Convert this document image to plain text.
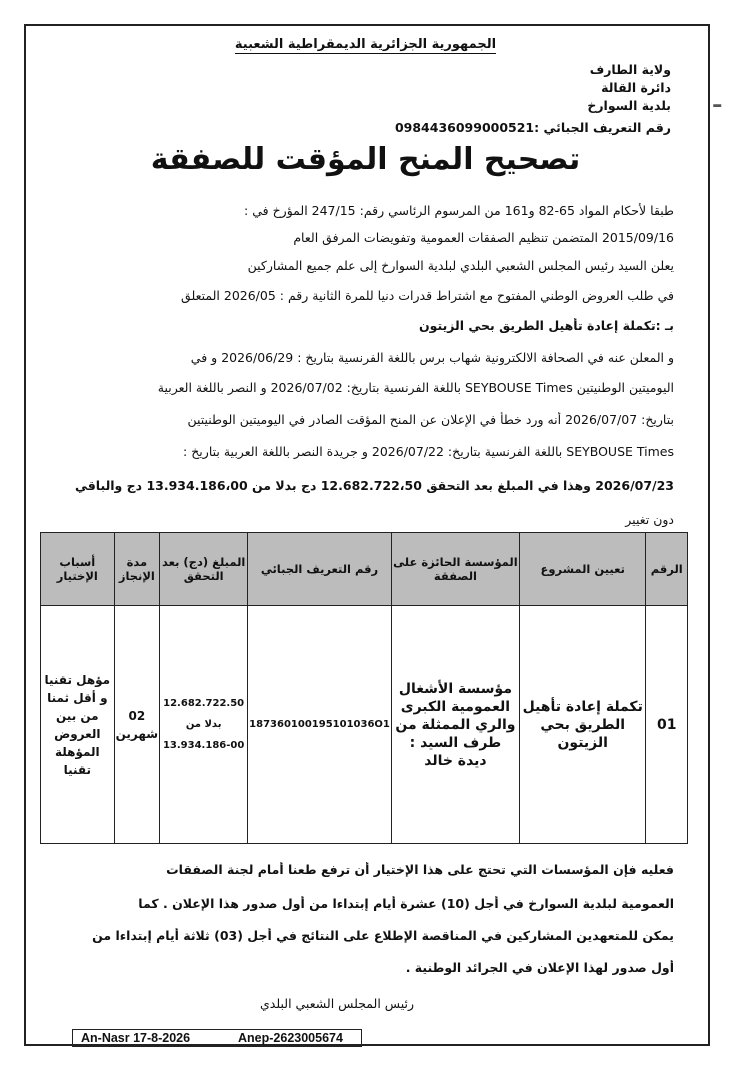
الجمهورية الجزائرية الديمقراطية الشعبية
ولاية الطارف
دائرة القالة
بلدية السوارخ
رقم التعريف الجبائي :0984436099000521
ـ
تصحيح المنح المؤقت للصفقة
طبقا لأحكام المواد 65-82 و161 من المرسوم الرئاسي رقم: 247/15 المؤرخ في :
2015/09/16 المتضمن تنظيم الصفقات العمومية وتفويضات المرفق العام
يعلن السيد رئيس المجلس الشعبي البلدي لبلدية السوارخ إلى علم جميع المشاركين
في طلب العروض الوطني المفتوح مع اشتراط قدرات دنيا للمرة الثانية رقم : 2026/05 المتعلق
بـ :تكملة إعادة تأهيل الطريق بحي الزيتون
و المعلن عنه في الصحافة الالكترونية شهاب برس باللغة الفرنسية بتاريخ : 2026/06/29 و في
اليوميتين الوطنيتين SEYBOUSE Times باللغة الفرنسية بتاريخ: 2026/07/02 و النصر باللغة العربية
بتاريخ: 2026/07/07 أنه ورد خطأ في الإعلان عن المنح المؤقت الصادر في اليوميتين الوطنيتين
SEYBOUSE Times باللغة الفرنسية بتاريخ: 2026/07/22 و جريدة النصر باللغة العربية بتاريخ :
2026/07/23 وهذا في المبلغ بعد التحقق 12.682.722،50 دج بدلا من 13.934.186،00 دج والباقي
دون تغيير
الرقم	تعيين المشروع	المؤسسة الحائزة على الصفقة	رقم التعريف الجبائي	المبلغ (دج) بعد التحقق	مدة الإنجاز	أسباب الإختيار
01	تكملة إعادة تأهيل الطريق بحي الزيتون	مؤسسة الأشغال العمومية الكبرى والري الممثلة من طرف السيد : ديدة خالد	187360100195101036O1	12.682.722.50
بدلا من
13.934.186-00	02 شهرين	مؤهل تقنيا و أقل ثمنا من بين العروض المؤهلة تقنيا
فعليه فإن المؤسسات التي تحتج على هذا الإختيار أن ترفع طعنا أمام لجنة الصفقات
العمومية لبلدية السوارخ في أجل (10) عشرة أيام إبتداءا من أول صدور هذا الإعلان . كما
يمكن للمتعهدين المشاركين في المناقصة الإطلاع على النتائج في أجل (03) ثلاثة أيام إبتداءا من
أول صدور لهذا الإعلان في الجرائد الوطنية .
رئيس المجلس الشعبي البلدي
An-Nasr 17-8-2026	Anep-2623005674
